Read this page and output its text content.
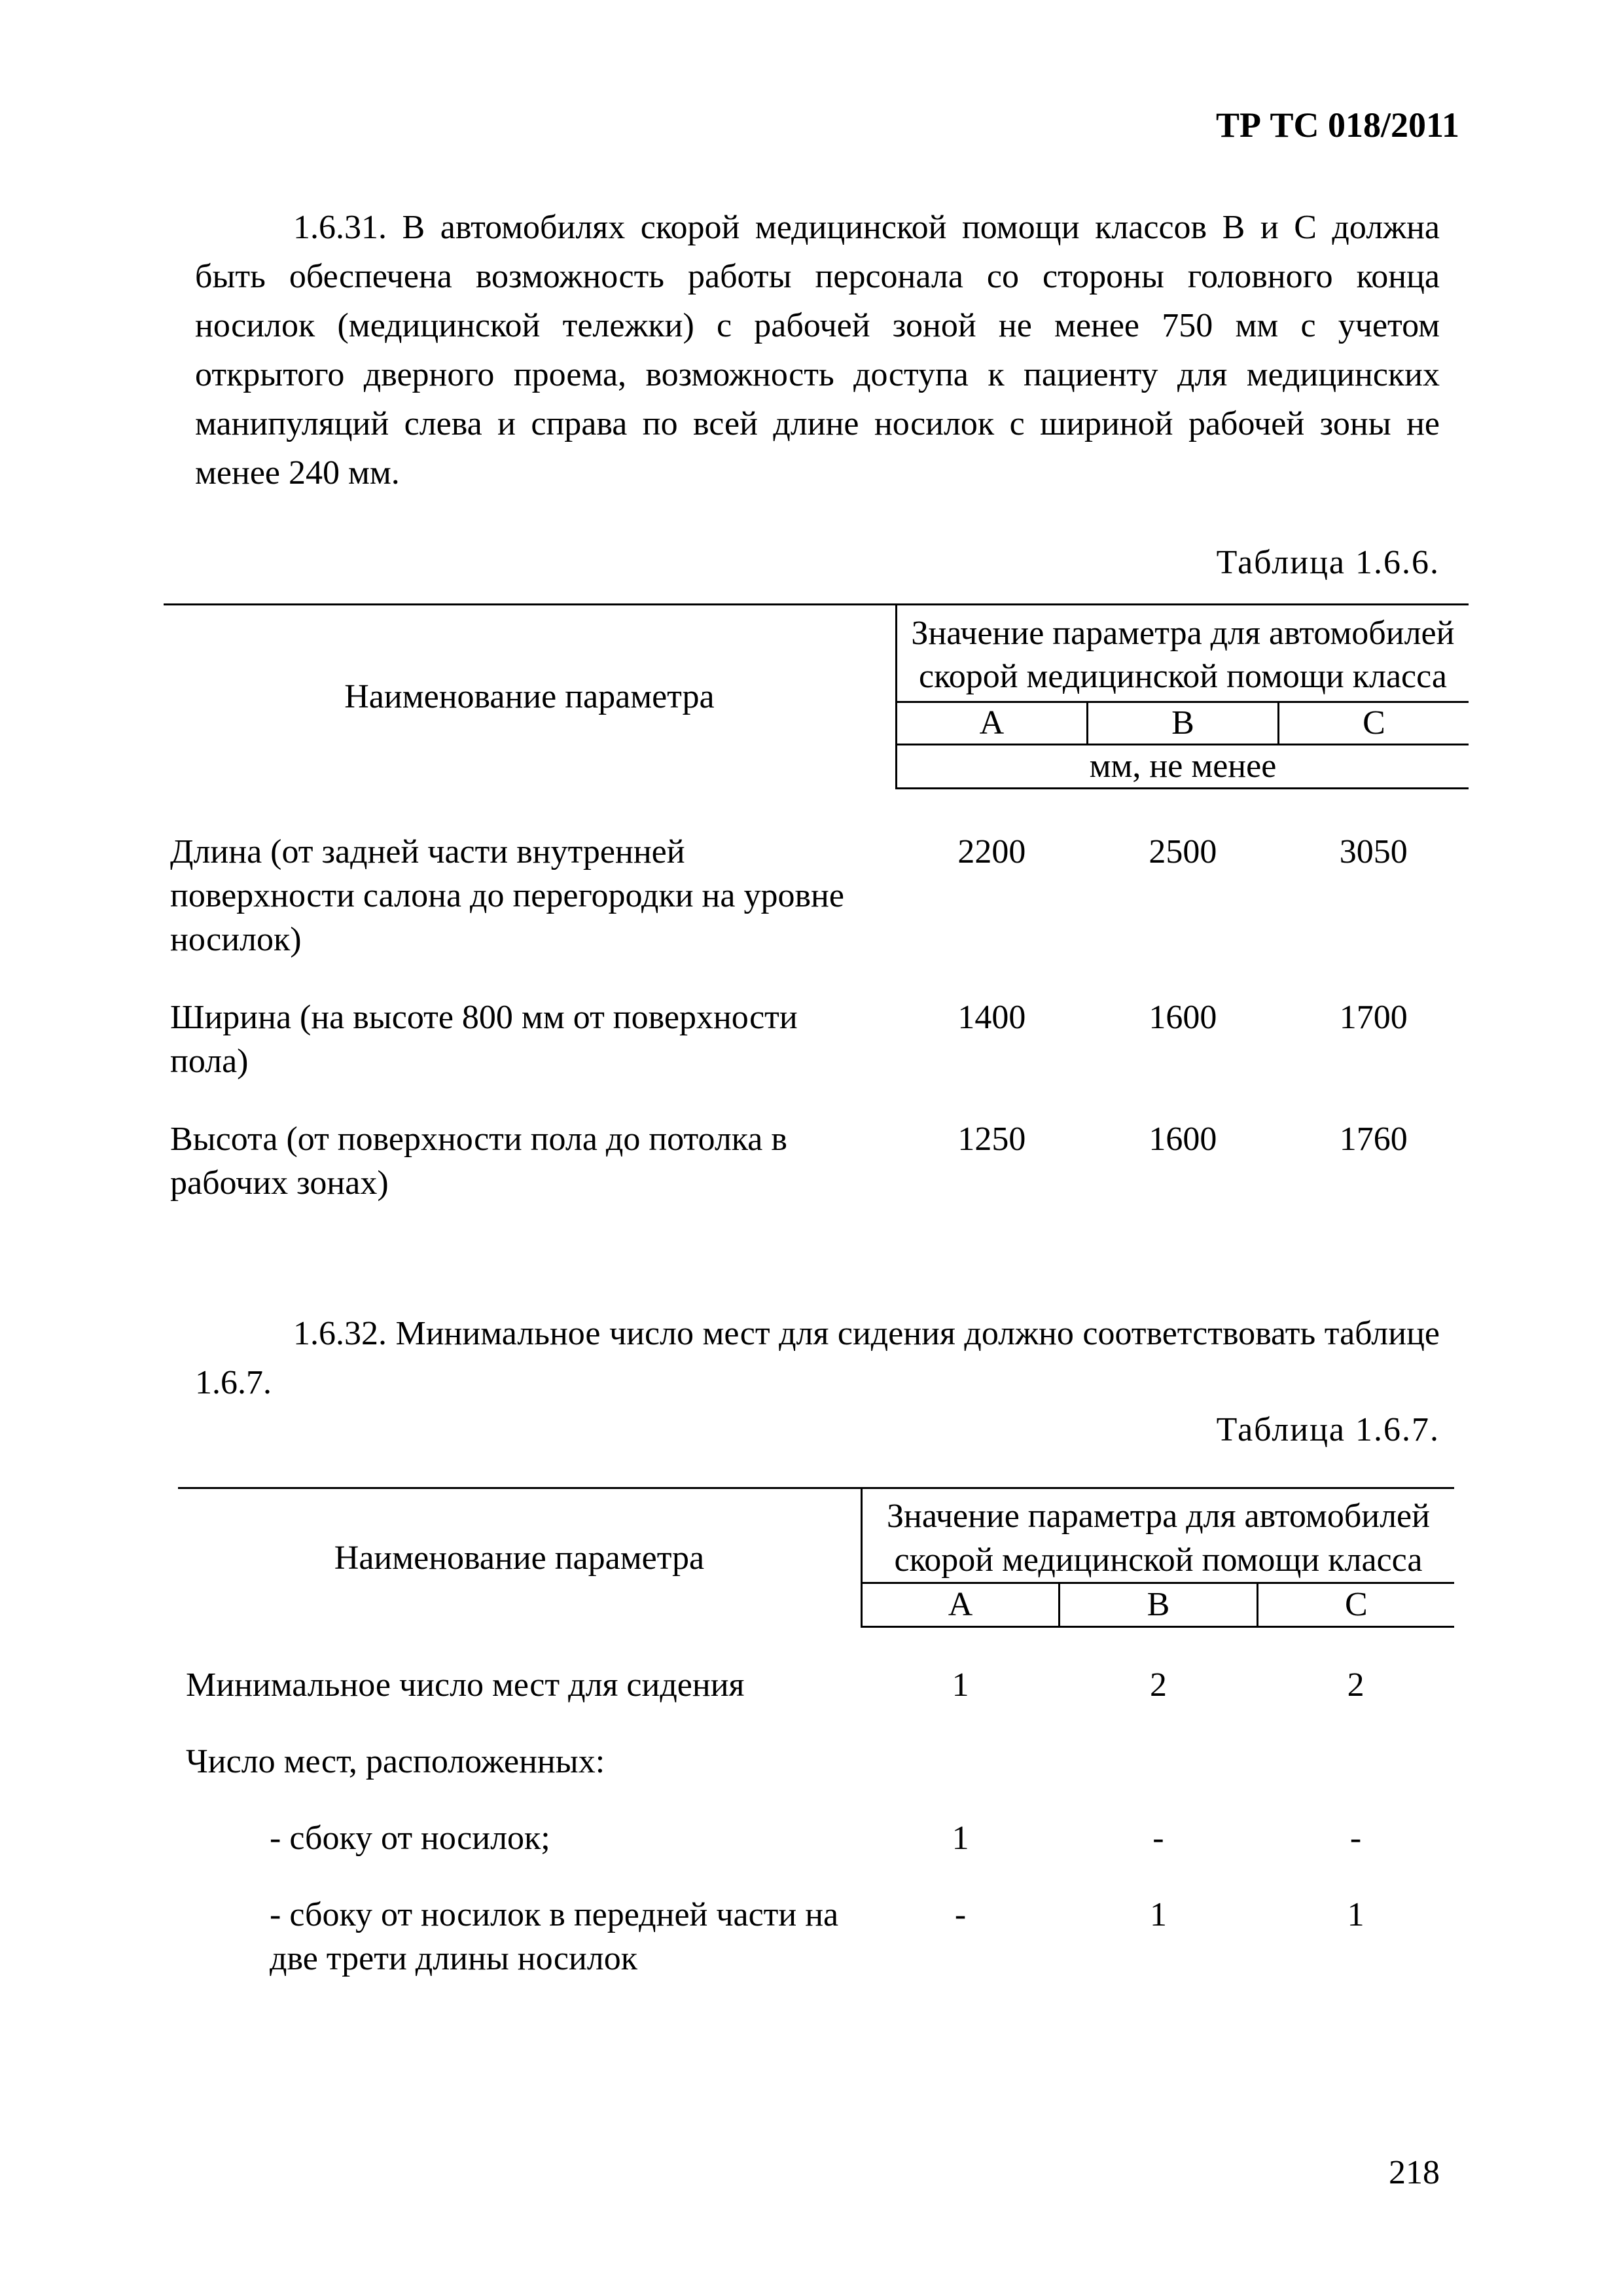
ТР ТС 018/2011
1.6.31. В автомобилях скорой медицинской помощи классов B и C должна быть обеспечена возможность работы персонала со стороны головного конца носилок (медицинской тележки) с рабочей зоной не менее 750 мм с учетом открытого дверного проема, возможность доступа к пациенту для медицинских манипуляций слева и справа по всей длине носилок с шириной рабочей зоны не менее 240 мм.
Таблица 1.6.6.
Наименование параметра	Значение параметра для автомобилей скорой медицинской помощи класса		
	A	B	C
	мм, не менее		

Длина (от задней части внутренней поверхности салона до перегородки на уровне носилок)	2200	2500	3050

Ширина (на высоте 800 мм от поверхности пола)	1400	1600	1700

Высота (от поверхности пола до потолка в рабочих зонах)	1250	1600	1760
1.6.32. Минимальное число мест для сидения должно соответствовать таблице 1.6.7.
Таблица 1.6.7.
Наименование параметра	Значение параметра для автомобилей скорой медицинской помощи класса		
	A	B	C

Минимальное число мест для сидения	1	2	2

Число мест, расположенных:			

- сбоку от носилок;	1	-	-

- сбоку от носилок в передней части на две трети длины носилок	-	1	1
218
